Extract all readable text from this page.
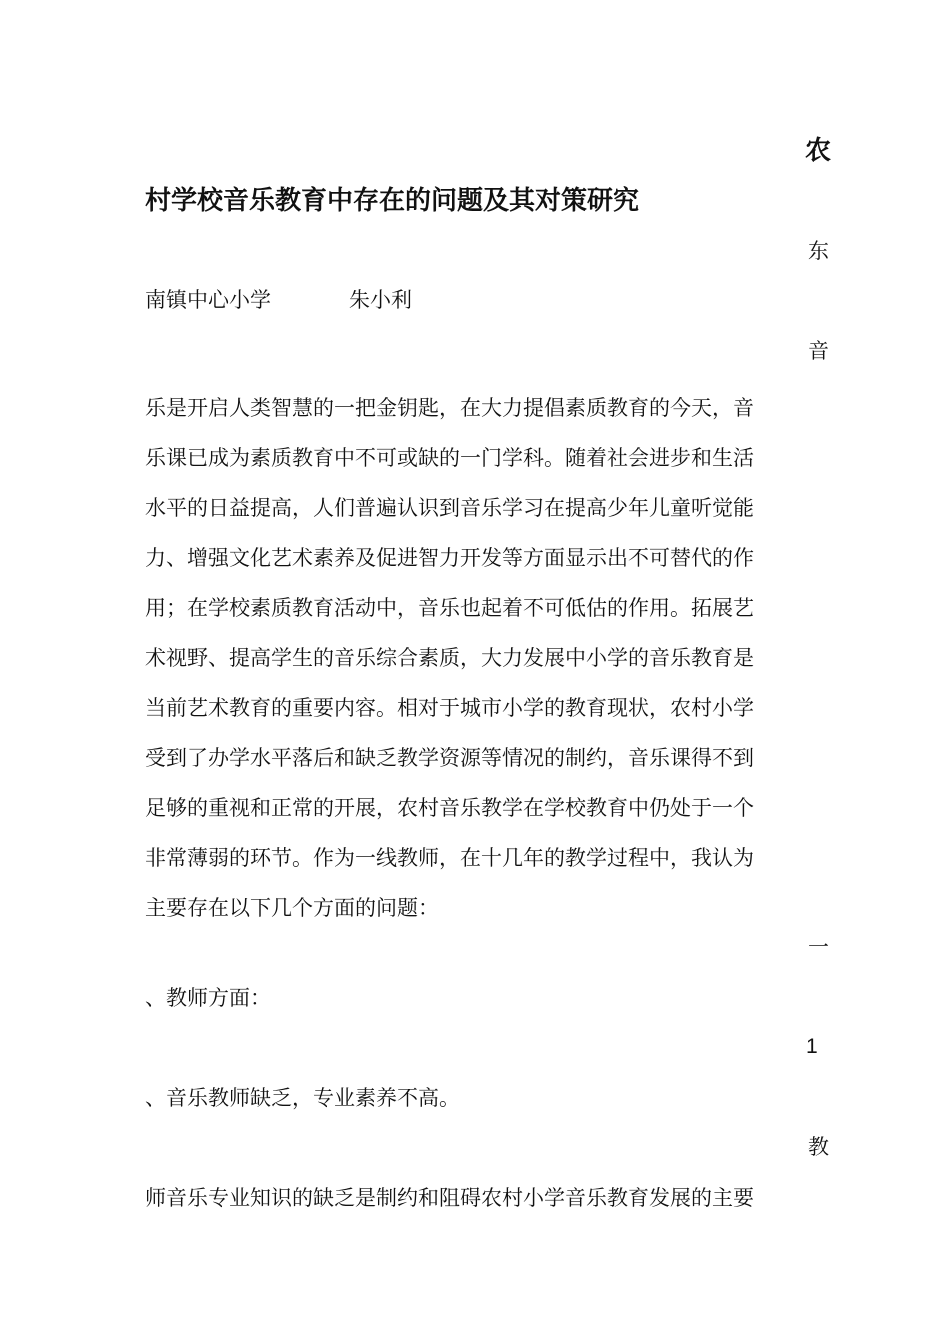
农
村学校音乐教育中存在的问题及其对策研究
东
南镇中心小学	朱小利
音
乐是开启人类智慧的一把金钥匙，在大力提倡素质教育的今天，音
乐课已成为素质教育中不可或缺的一门学科。随着社会进步和生活
水平的日益提高，人们普遍认识到音乐学习在提高少年儿童听觉能
力、增强文化艺术素养及促进智力开发等方面显示出不可替代的作
用；在学校素质教育活动中，音乐也起着不可低估的作用。拓展艺
术视野、提高学生的音乐综合素质，大力发展中小学的音乐教育是
当前艺术教育的重要内容。相对于城市小学的教育现状，农村小学
受到了办学水平落后和缺乏教学资源等情况的制约，音乐课得不到
足够的重视和正常的开展，农村音乐教学在学校教育中仍处于一个
非常薄弱的环节。作为一线教师，在十几年的教学过程中，我认为
主要存在以下几个方面的问题：
一
、教师方面：
1
、音乐教师缺乏，专业素养不高。
教
师音乐专业知识的缺乏是制约和阻碍农村小学音乐教育发展的主要
